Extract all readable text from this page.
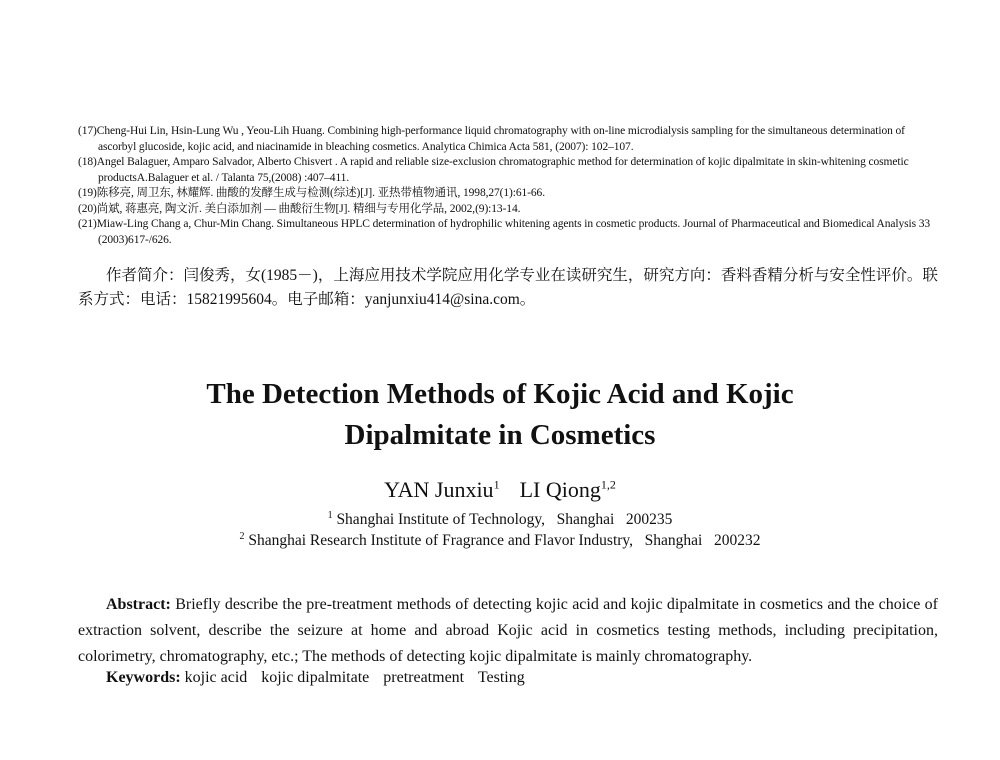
(17)Cheng-Hui Lin, Hsin-Lung Wu , Yeou-Lih Huang. Combining high-performance liquid chromatography with on-line microdialysis sampling for the simultaneous determination of ascorbyl glucoside, kojic acid, and niacinamide in bleaching cosmetics. Analytica Chimica Acta 581, (2007): 102–107.
(18)Angel Balaguer, Amparo Salvador, Alberto Chisvert . A rapid and reliable size-exclusion chromatographic method for determination of kojic dipalmitate in skin-whitening cosmetic productsA.Balaguer et al. / Talanta 75,(2008) :407–411.
(19)陈移亮, 周卫东, 林耀辉. 曲酸的发酵生成与检测(综述)[J]. 亚热带植物通讯, 1998,27(1):61-66.
(20)尚斌, 蒋惠亮, 陶文沂. 美白添加剂 — 曲酸衍生物[J]. 精细与专用化学品, 2002,(9):13-14.
(21)Miaw-Ling Chang a, Chur-Min Chang. Simultaneous HPLC determination of hydrophilic whitening agents in cosmetic products. Journal of Pharmaceutical and Biomedical Analysis 33 (2003)617-/626.
作者简介：闫俊秀，女(1985－)，上海应用技术学院应用化学专业在读研究生，研究方向：香料香精分析与安全性评价。联系方式：电话：15821995604。电子邮箱：yanjunxiu414@sina.com。
The Detection Methods of Kojic Acid and Kojic
Dipalmitate in Cosmetics
YAN Junxiu$^1$ LI Qiong$^{1,2}$
$^1$ Shanghai Institute of Technology,   Shanghai   200235
$^2$ Shanghai Research Institute of Fragrance and Flavor Industry,   Shanghai   200232
Abstract: Briefly describe the pre-treatment methods of detecting kojic acid and kojic dipalmitate in cosmetics and the choice of extraction solvent, describe the seizure at home and abroad Kojic acid in cosmetics testing methods, including precipitation, colorimetry, chromatography, etc.; The methods of detecting kojic dipalmitate is mainly chromatography.
Keywords: kojic acid kojic dipalmitate pretreatment Testing
